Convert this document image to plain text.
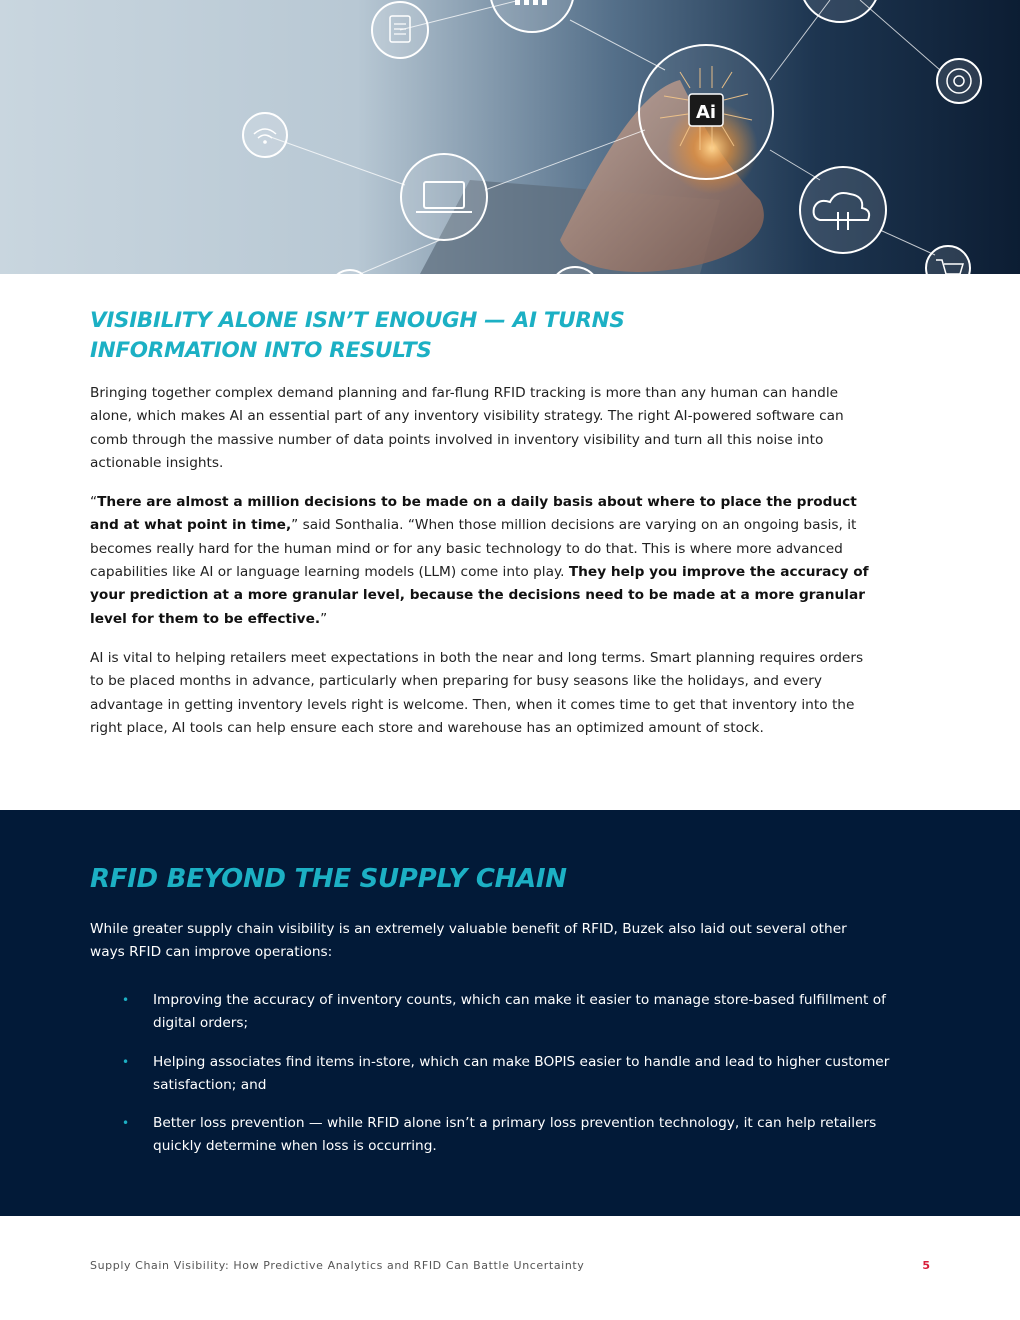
Ai
VISIBILITY ALONE ISN’T ENOUGH — AI TURNS
INFORMATION INTO RESULTS

Bringing together complex demand planning and far-flung RFID tracking is more than any human can handle alone, which makes AI an essential part of any inventory visibility strategy. The right AI-powered software can comb through the massive number of data points involved in inventory visibility and turn all this noise into actionable insights.

“There are almost a million decisions to be made on a daily basis about where to place the product and at what point in time,” said Sonthalia. “When those million decisions are varying on an ongoing basis, it becomes really hard for the human mind or for any basic technology to do that. This is where more advanced capabilities like AI or language learning models (LLM) come into play. They help you improve the accuracy of your prediction at a more granular level, because the decisions need to be made at a more granular level for them to be effective.”

AI is vital to helping retailers meet expectations in both the near and long terms. Smart planning requires orders to be placed months in advance, particularly when preparing for busy seasons like the holidays, and every advantage in getting inventory levels right is welcome. Then, when it comes time to get that inventory into the right place, AI tools can help ensure each store and warehouse has an optimized amount of stock.

RFID BEYOND THE SUPPLY CHAIN

While greater supply chain visibility is an extremely valuable benefit of RFID, Buzek also laid out several other ways RFID can improve operations:

• Improving the accuracy of inventory counts, which can make it easier to manage store-based fulfillment of digital orders;
• Helping associates find items in-store, which can make BOPIS easier to handle and lead to higher customer satisfaction; and
• Better loss prevention — while RFID alone isn’t a primary loss prevention technology, it can help retailers quickly determine when loss is occurring.
Supply Chain Visibility: How Predictive Analytics and RFID Can Battle Uncertainty	5
